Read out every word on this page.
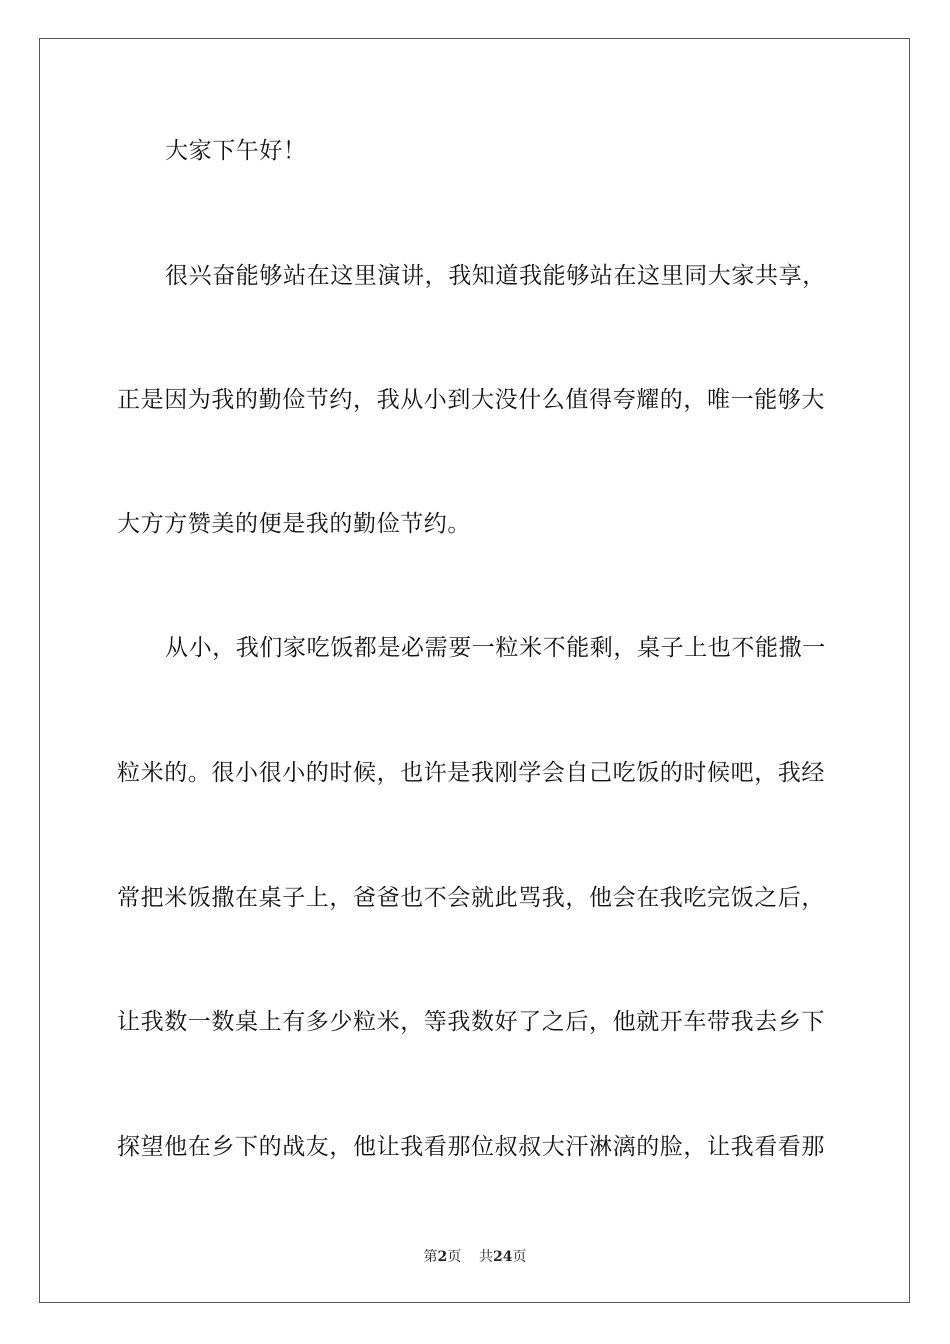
大家下午好！
很兴奋能够站在这里演讲，我知道我能够站在这里同大家共享，
正是因为我的勤俭节约，我从小到大没什么值得夸耀的，唯一能够大
大方方赞美的便是我的勤俭节约。
从小，我们家吃饭都是必需要一粒米不能剩，桌子上也不能撒一
粒米的。很小很小的时候，也许是我刚学会自己吃饭的时候吧，我经
常把米饭撒在桌子上，爸爸也不会就此骂我，他会在我吃完饭之后，
让我数一数桌上有多少粒米，等我数好了之后，他就开车带我去乡下
探望他在乡下的战友，他让我看那位叔叔大汗淋漓的脸，让我看看那
第2页 共24页
